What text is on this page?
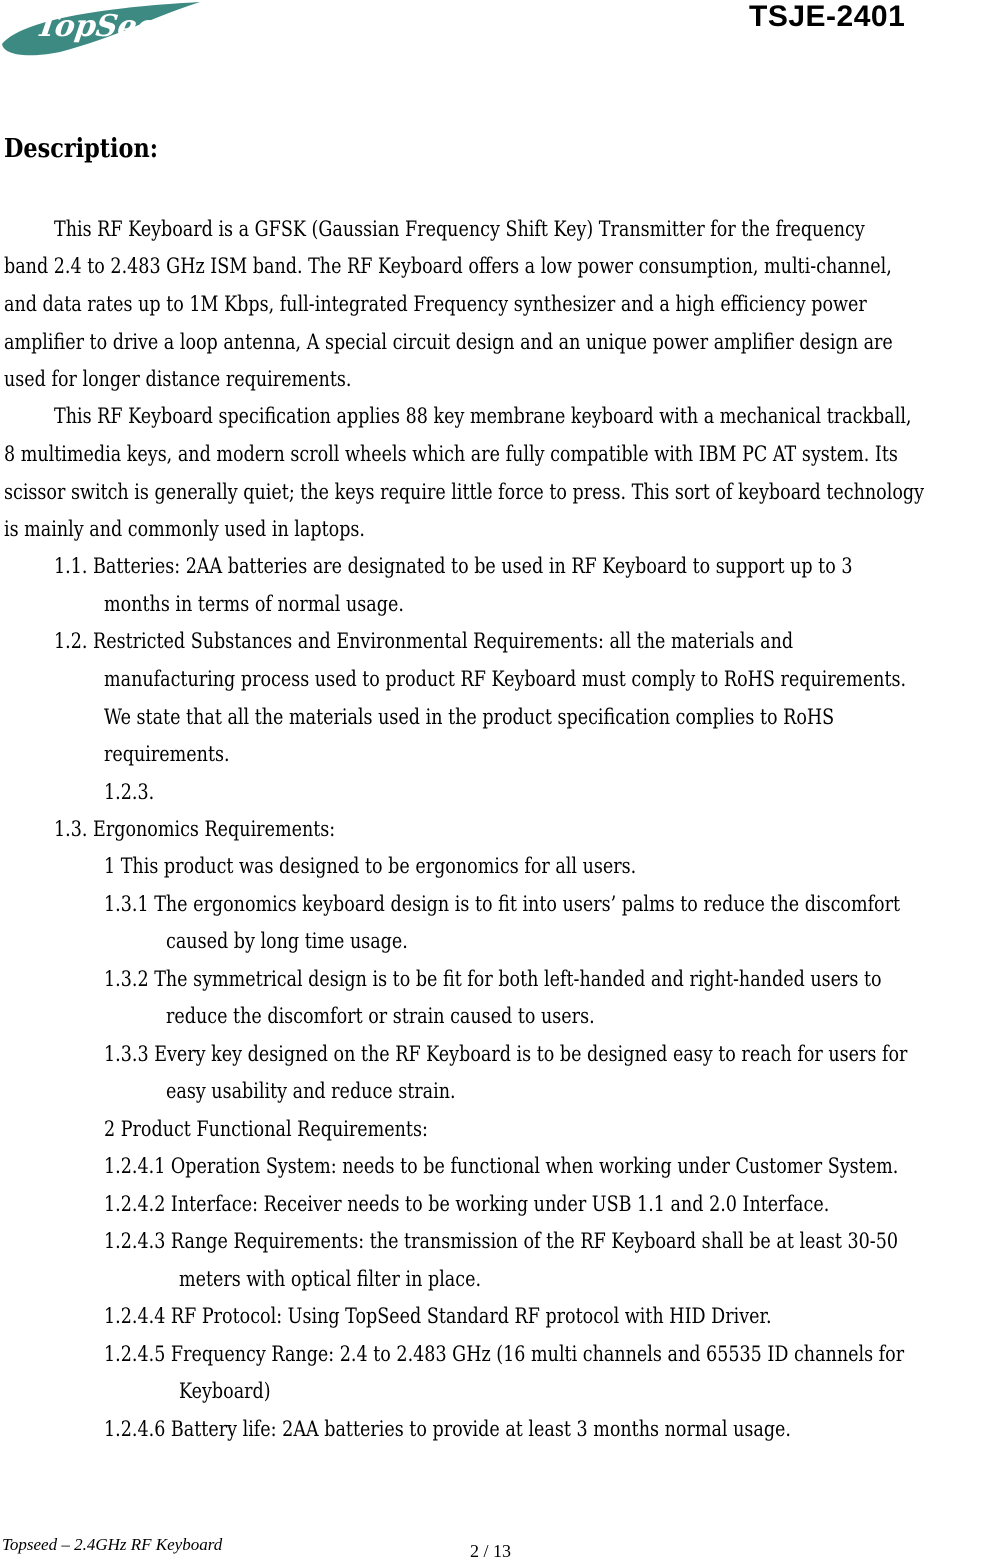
TopSeed	TSJE-2401
Description:
This RF Keyboard is a GFSK (Gaussian Frequency Shift Key) Transmitter for the frequency
band 2.4 to 2.483 GHz ISM band. The RF Keyboard offers a low power consumption, multi-channel,
and data rates up to 1M Kbps, full-integrated Frequency synthesizer and a high efficiency power
amplifier to drive a loop antenna, A special circuit design and an unique power amplifier design are
used for longer distance requirements.
This RF Keyboard specification applies 88 key membrane keyboard with a mechanical trackball,
8 multimedia keys, and modern scroll wheels which are fully compatible with IBM PC AT system. Its
scissor switch is generally quiet; the keys require little force to press. This sort of keyboard technology
is mainly and commonly used in laptops.
1.1. Batteries: 2AA batteries are designated to be used in RF Keyboard to support up to 3
months in terms of normal usage.
1.2. Restricted Substances and Environmental Requirements: all the materials and
manufacturing process used to product RF Keyboard must comply to RoHS requirements.
We state that all the materials used in the product specification complies to RoHS
requirements.
1.2.3.
1.3. Ergonomics Requirements:
1 This product was designed to be ergonomics for all users.
1.3.1 The ergonomics keyboard design is to fit into users’ palms to reduce the discomfort
caused by long time usage.
1.3.2 The symmetrical design is to be fit for both left-handed and right-handed users to
reduce the discomfort or strain caused to users.
1.3.3 Every key designed on the RF Keyboard is to be designed easy to reach for users for
easy usability and reduce strain.
2 Product Functional Requirements:
1.2.4.1 Operation System: needs to be functional when working under Customer System.
1.2.4.2 Interface: Receiver needs to be working under USB 1.1 and 2.0 Interface.
1.2.4.3 Range Requirements: the transmission of the RF Keyboard shall be at least 30-50
meters with optical filter in place.
1.2.4.4 RF Protocol: Using TopSeed Standard RF protocol with HID Driver.
1.2.4.5 Frequency Range: 2.4 to 2.483 GHz (16 multi channels and 65535 ID channels for
Keyboard)
1.2.4.6 Battery life: 2AA batteries to provide at least 3 months normal usage.
Topseed – 2.4GHz RF Keyboard	2 / 13
